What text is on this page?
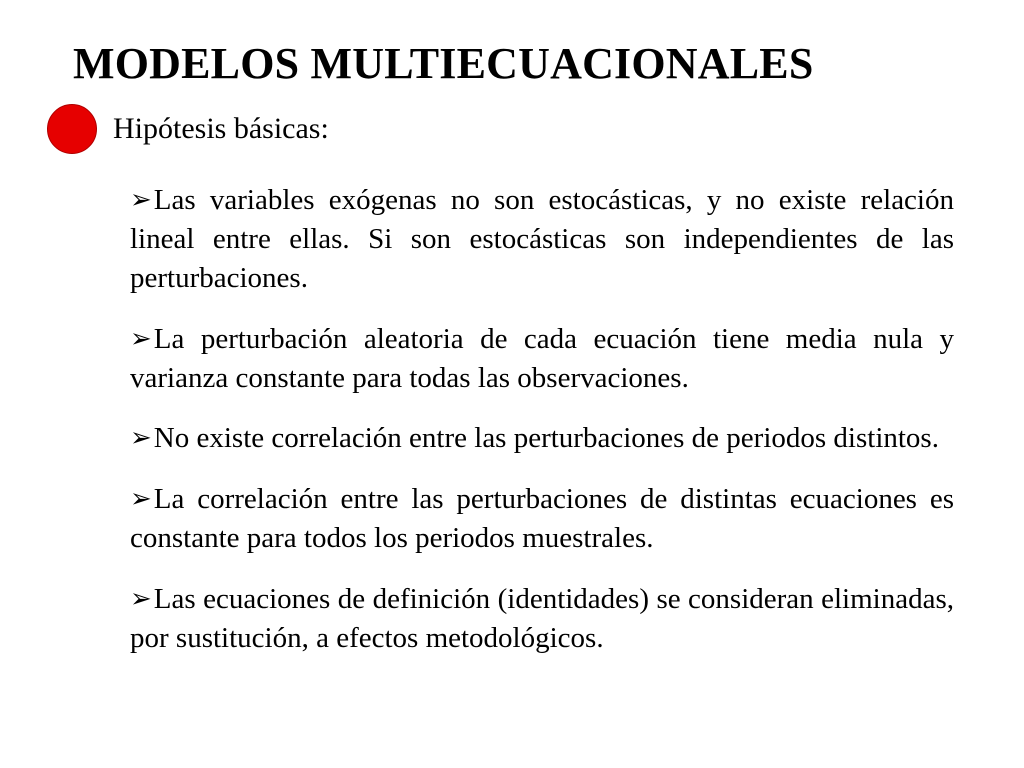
MODELOS MULTIECUACIONALES
Hipótesis básicas:
➢Las variables exógenas no son estocásticas, y no existe relación lineal entre ellas. Si son estocásticas son independientes de las perturbaciones.
➢La perturbación aleatoria de cada ecuación tiene media nula y varianza constante para todas las observaciones.
➢No existe correlación entre las perturbaciones de periodos distintos.
➢La correlación entre las perturbaciones de distintas ecuaciones es constante para todos los periodos muestrales.
➢Las ecuaciones de definición (identidades) se consideran eliminadas, por sustitución, a efectos metodológicos.
